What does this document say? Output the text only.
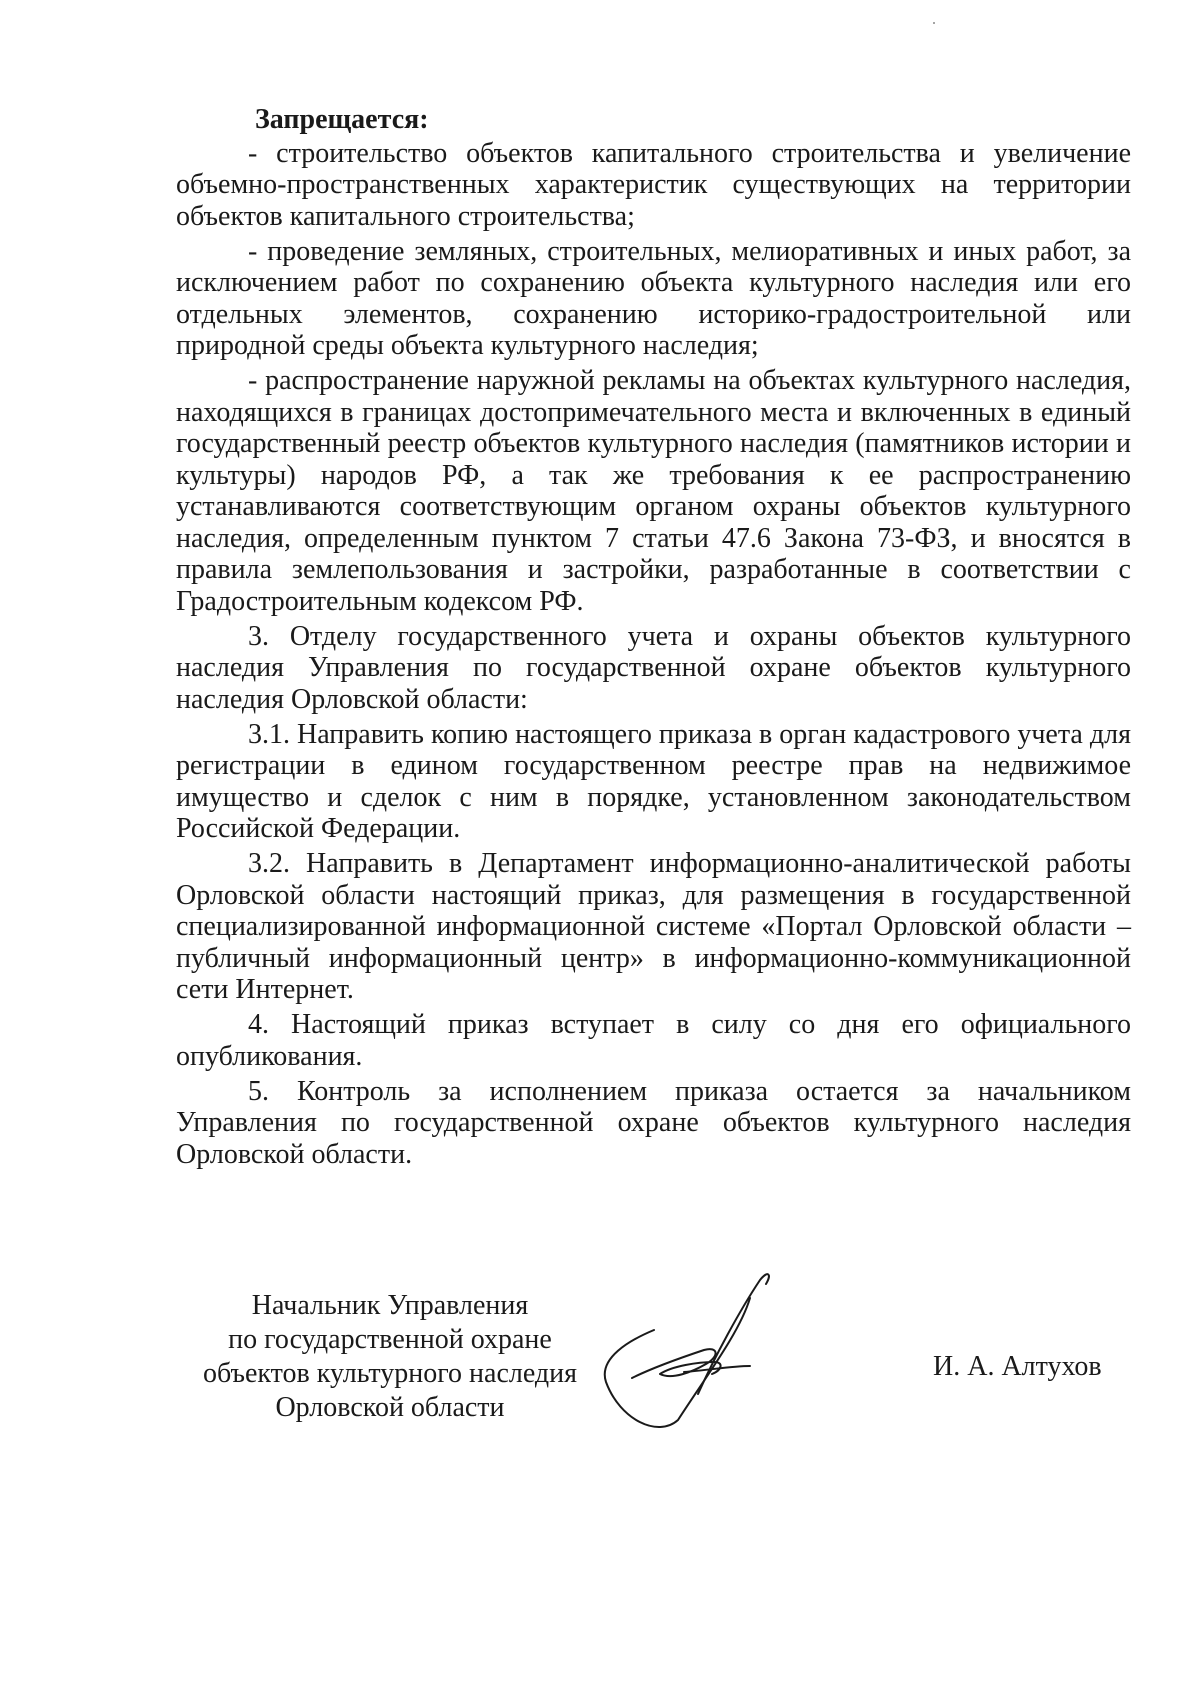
Запрещается:

- строительство объектов капитального строительства и увеличение объемно-пространственных характеристик существующих на территории объектов капитального строительства;

- проведение земляных, строительных, мелиоративных и иных работ, за исключением работ по сохранению объекта культурного наследия или его отдельных элементов, сохранению историко-градостроительной или природной среды объекта культурного наследия;

- распространение наружной рекламы на объектах культурного наследия, находящихся в границах достопримечательного места и включенных в единый государственный реестр объектов культурного наследия (памятников истории и культуры) народов РФ, а так же требования к ее распространению устанавливаются соответствующим органом охраны объектов культурного наследия, определенным пунктом 7 статьи 47.6 Закона 73-ФЗ, и вносятся в правила землепользования и застройки, разработанные в соответствии с Градостроительным кодексом РФ.

3. Отделу государственного учета и охраны объектов культурного наследия Управления по государственной охране объектов культурного наследия Орловской области:

3.1. Направить копию настоящего приказа в орган кадастрового учета для регистрации в едином государственном реестре прав на недвижимое имущество и сделок с ним в порядке, установленном законодательством Российской Федерации.

3.2. Направить в Департамент информационно-аналитической работы Орловской области настоящий приказ, для размещения в государственной специализированной информационной системе «Портал Орловской области – публичный информационный центр» в информационно-коммуникационной сети Интернет.

4. Настоящий приказ вступает в силу со дня его официального опубликования.

5. Контроль за исполнением приказа остается за начальником Управления по государственной охране объектов культурного наследия Орловской области.

Начальник Управления
по государственной охране
объектов культурного наследия
Орловской области
И. А. Алтухов
